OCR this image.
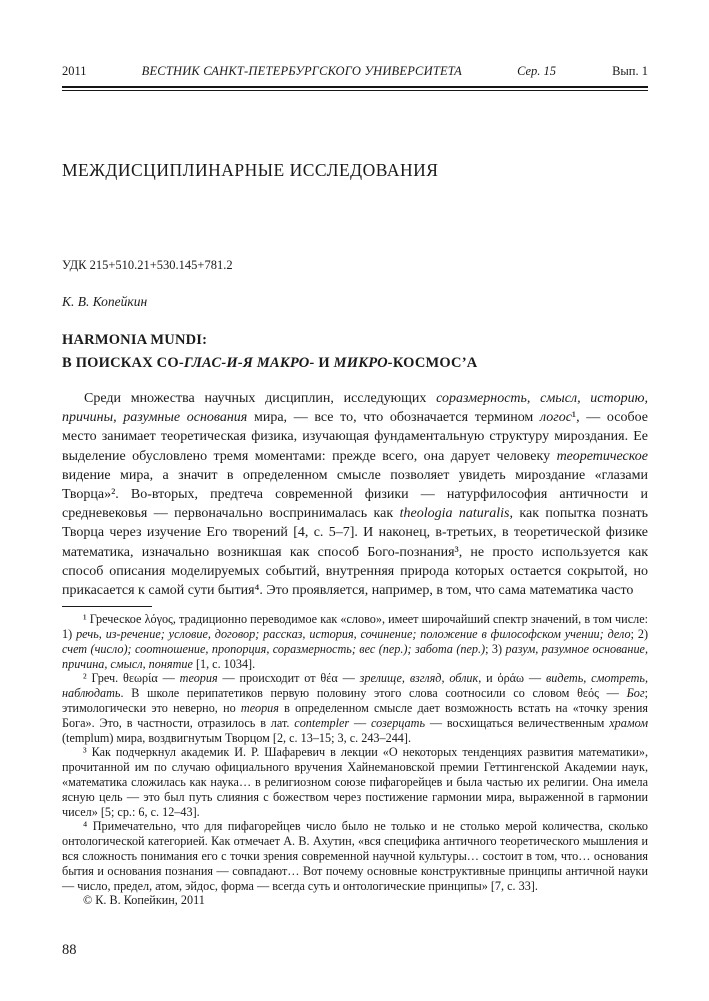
2011	ВЕСТНИК САНКТ-ПЕТЕРБУРГСКОГО УНИВЕРСИТЕТА	Сер. 15	Вып. 1
МЕЖДИСЦИПЛИНАРНЫЕ ИССЛЕДОВАНИЯ
УДК 215+510.21+530.145+781.2
К. В. Копейкин
HARMONIA MUNDI:
В ПОИСКАХ СО-ГЛАС-И-Я МАКРО- И МИКРО-КОСМОС’А

Среди множества научных дисциплин, исследующих соразмерность, смысл, историю, причины, разумные основания мира, — все то, что обозначается термином логос¹, — особое место занимает теоретическая физика, изучающая фундаментальную структуру мироздания. Ее выделение обусловлено тремя моментами: прежде всего, она дарует человеку теоретическое видение мира, а значит в определенном смысле позволяет увидеть мироздание «глазами Творца»². Во-вторых, предтеча современной физики — натурфилософия античности и средневековья — первоначально воспринималась как theologia naturalis, как попытка познать Творца через изучение Его творений [4, с. 5–7]. И наконец, в-третьих, в теоретической физике математика, изначально возникшая как способ Бого-познания³, не просто используется как способ описания моделируемых событий, внутренняя природа которых остается сокрытой, но прикасается к самой сути бытия⁴. Это проявляется, например, в том, что сама математика часто

¹ Греческое λόγος, традиционно переводимое как «слово», имеет широчайший спектр значений, в том числе: 1) речь, из-речение; условие, договор; рассказ, история, сочинение; положение в философском учении; дело; 2) счет (число); соотношение, пропорция, соразмерность; вес (пер.); забота (пер.); 3) разум, разумное основание, причина, смысл, понятие [1, с. 1034].

² Греч. θεωρία — теория — происходит от θέα — зрелище, взгляд, облик, и ὁράω — видеть, смотреть, наблюдать. В школе перипатетиков первую половину этого слова соотносили со словом θεός — Бог; этимологически это неверно, но теория в определенном смысле дает возможность встать на «точку зрения Бога». Это, в частности, отразилось в лат. contempler — созерцать — восхищаться величественным храмом (templum) мира, воздвигнутым Творцом [2, с. 13–15; 3, с. 243–244].

³ Как подчеркнул академик И. Р. Шафаревич в лекции «О некоторых тенденциях развития математики», прочитанной им по случаю официального вручения Хайнемановской премии Геттингенской Академии наук, «математика сложилась как наука… в религиозном союзе пифагорейцев и была частью их религии. Она имела ясную цель — это был путь слияния с божеством через постижение гармонии мира, выраженной в гармонии чисел» [5; ср.: 6, с. 12–43].

⁴ Примечательно, что для пифагорейцев число было не только и не столько мерой количества, сколько онтологической категорией. Как отмечает А. В. Ахутин, «вся специфика античного теоретического мышления и вся сложность понимания его с точки зрения современной научной культуры… состоит в том, что… основания бытия и основания познания — совпадают… Вот почему основные конструктивные принципы античной науки — число, предел, атом, эйдос, форма — всегда суть и онтологические принципы» [7, с. 33].

© К. В. Копейкин, 2011

88
